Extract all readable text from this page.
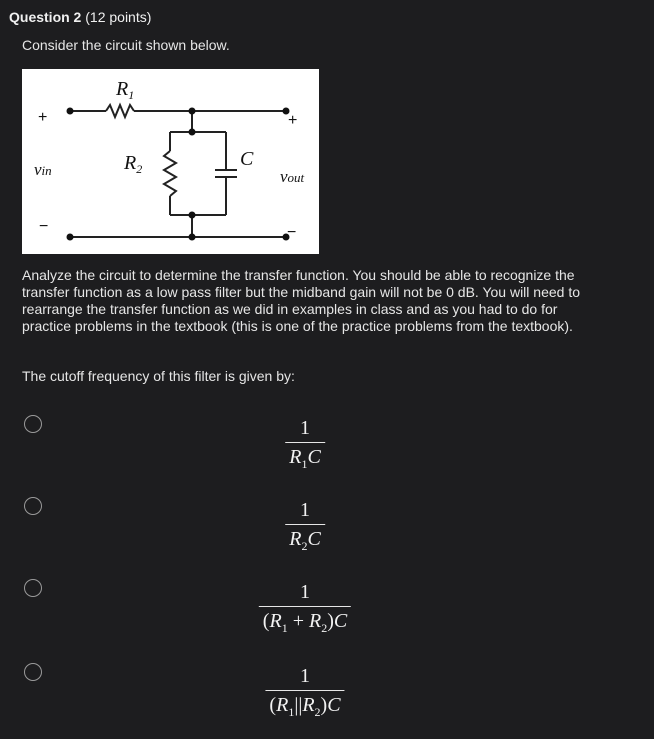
Question 2 (12 points)
Consider the circuit shown below.
$R_1$
$R_2$	C
vin	vout
+
−
+
−
Analyze the circuit to determine the transfer function. You should be able to recognize the transfer function as a low pass filter but the midband gain will not be 0 dB. You will need to rearrange the transfer function as we did in examples in class and as you had to do for practice problems in the textbook (this is one of the practice problems from the textbook).
The cutoff frequency of this filter is given by:
1
$R_1C$
1
$R_2C$
1
$(R_1 + R_2)C$
1
$(R_1||R_2)C$
